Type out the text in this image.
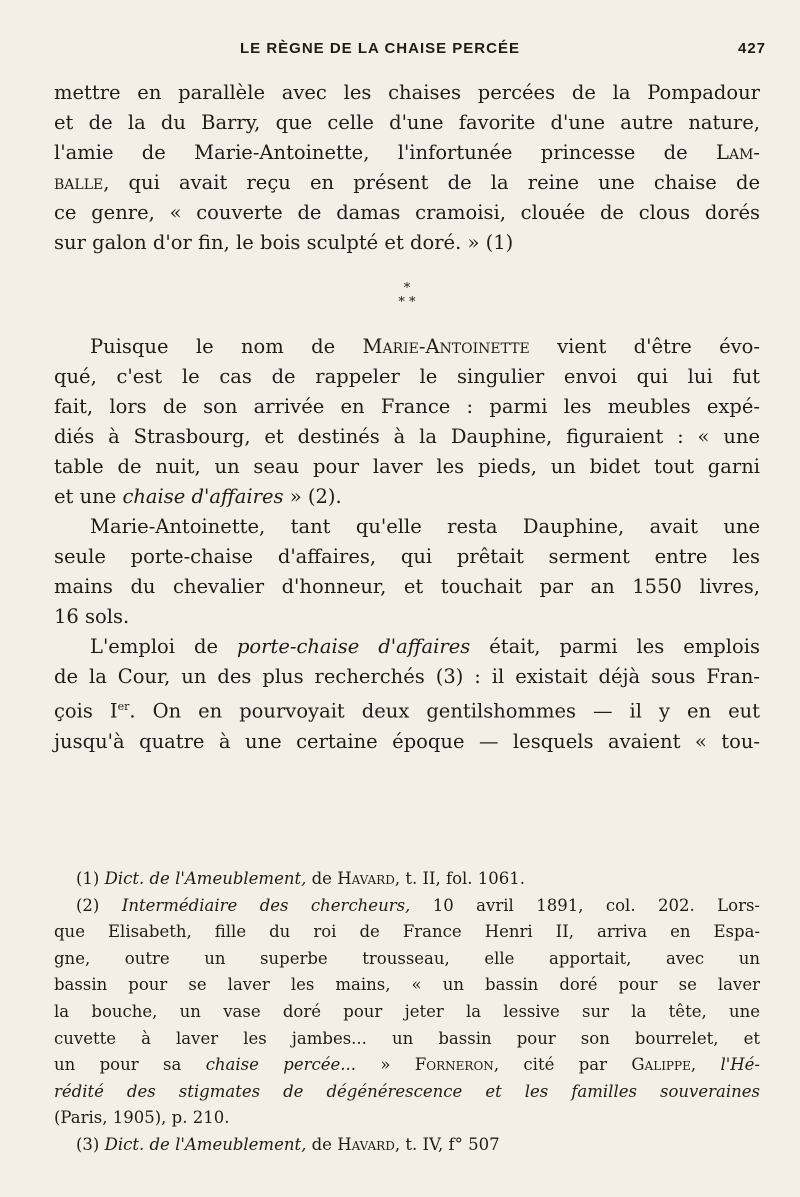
LE RÈGNE DE LA CHAISE PERCÉE	427
mettre en parallèle avec les chaises percées de la Pompadour
et de la du Barry, que celle d'une favorite d'une autre nature,
l'amie de Marie-Antoinette, l'infortunée princesse de Lam-
balle, qui avait reçu en présent de la reine une chaise de
ce genre, « couverte de damas cramoisi, clouée de clous dorés
sur galon d'or fin, le bois sculpté et doré. » (1)
*
* *
Puisque le nom de Marie-Antoinette vient d'être évo-
qué, c'est le cas de rappeler le singulier envoi qui lui fut
fait, lors de son arrivée en France : parmi les meubles expé-
diés à Strasbourg, et destinés à la Dauphine, figuraient : « une
table de nuit, un seau pour laver les pieds, un bidet tout garni
et une chaise d'affaires » (2).
Marie-Antoinette, tant qu'elle resta Dauphine, avait une
seule porte-chaise d'affaires, qui prêtait serment entre les
mains du chevalier d'honneur, et touchait par an 1550 livres,
16 sols.
L'emploi de porte-chaise d'affaires était, parmi les emplois
de la Cour, un des plus recherchés (3) : il existait déjà sous Fran-
çois Ier. On en pourvoyait deux gentilshommes — il y en eut
jusqu'à quatre à une certaine époque — lesquels avaient « tou-
(1) Dict. de l'Ameublement, de Havard, t. II, fol. 1061.
(2) Intermédiaire des chercheurs, 10 avril 1891, col. 202. Lors-
que Elisabeth, fille du roi de France Henri II, arriva en Espa-
gne, outre un superbe trousseau, elle apportait, avec un
bassin pour se laver les mains, « un bassin doré pour se laver
la bouche, un vase doré pour jeter la lessive sur la tête, une
cuvette à laver les jambes... un bassin pour son bourrelet, et
un pour sa chaise percée... » Forneron, cité par Galippe, l'Hé-
rédité des stigmates de dégénérescence et les familles souveraines
(Paris, 1905), p. 210.
(3) Dict. de l'Ameublement, de Havard, t. IV, f° 507
